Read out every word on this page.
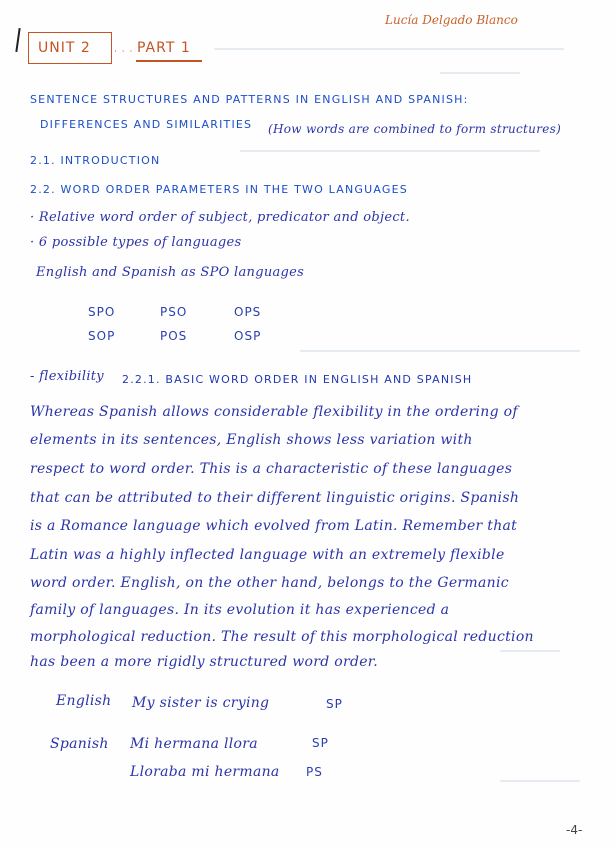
Lucía Delgado Blanco
UNIT 2	· · · PART 1
SENTENCE STRUCTURES AND PATTERNS IN ENGLISH AND SPANISH:
DIFFERENCES AND SIMILARITIES (How words are combined to form structures)
2.1. INTRODUCTION
2.2. WORD ORDER PARAMETERS IN THE TWO LANGUAGES
· Relative word order of subject, predicator and object.
· 6 possible types of languages
English and Spanish as SPO languages
SPO	PSO	OPS
SOP	POS	OSP
- flexibility 2.2.1. BASIC WORD ORDER IN ENGLISH AND SPANISH
Whereas Spanish allows considerable flexibility in the ordering of
elements in its sentences, English shows less variation with
respect to word order. This is a characteristic of these languages
that can be attributed to their different linguistic origins. Spanish
is a Romance language which evolved from Latin. Remember that
Latin was a highly inflected language with an extremely flexible
word order. English, on the other hand, belongs to the Germanic
family of languages. In its evolution it has experienced a
morphological reduction. The result of this morphological reduction
has been a more rigidly structured word order.
English My sister is crying	SP
Spanish Mi hermana llora	SP
Lloraba mi hermana PS
-4-
